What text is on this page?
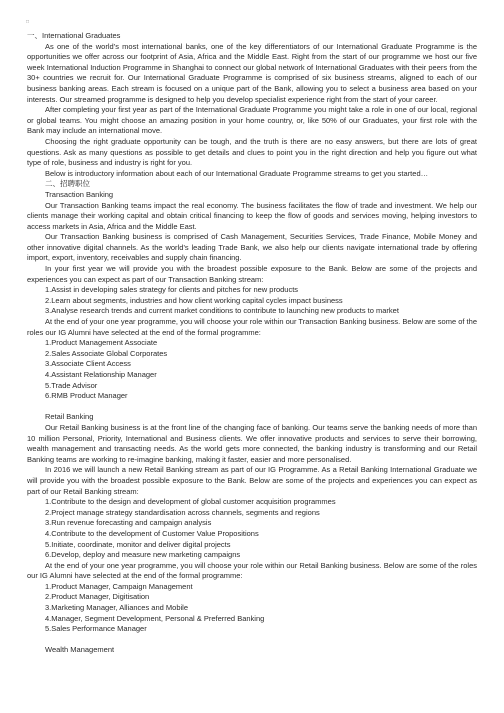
□
一、International Graduates

As one of the world’s most international banks, one of the key differentiators of our International Graduate Programme is the opportunities we offer across our footprint of Asia, Africa and the Middle East. Right from the start of our programme we host our five week International Induction Programme in Shanghai to connect our global network of International Graduates with their peers from the 30+ countries we recruit for. Our International Graduate Programme is comprised of six business streams, aligned to each of our business banking areas. Each stream is focused on a unique part of the Bank, allowing you to select a business area based on your interests. Our streamed programme is designed to help you develop specialist experience right from the start of your career.

After completing your first year as part of the International Graduate Programme you might take a role in one of our local, regional or global teams. You might choose an amazing position in your home country, or, like 50% of our Graduates, your first role with the Bank may include an international move.

Choosing the right graduate opportunity can be tough, and the truth is there are no easy answers, but there are lots of great questions. Ask as many questions as possible to get details and clues to point you in the right direction and help you figure out what type of role, business and industry is right for you.

Below is introductory information about each of our International Graduate Programme streams to get you started…

二、招聘职位
Transaction Banking

Our Transaction Banking teams impact the real economy. The business facilitates the flow of trade and investment. We help our clients manage their working capital and obtain critical financing to keep the flow of goods and services moving, helping investors to access markets in Asia, Africa and the Middle East.

Our Transaction Banking business is comprised of Cash Management, Securities Services, Trade Finance, Mobile Money and other innovative digital channels. As the world’s leading Trade Bank, we also help our clients navigate international trade by offering import, export, inventory, receivables and supply chain financing.

In your first year we will provide you with the broadest possible exposure to the Bank. Below are some of the projects and experiences you can expect as part of our Transaction Banking stream:

1.Assist in developing sales strategy for clients and pitches for new products
2.Learn about segments, industries and how client working capital cycles impact business
3.Analyse research trends and current market conditions to contribute to launching new products to market

At the end of your one year programme, you will choose your role within our Transaction Banking business. Below are some of the roles our IG Alumni have selected at the end of the formal programme:

1.Product Management Associate
2.Sales Associate Global Corporates
3.Associate Client Access
4.Assistant Relationship Manager
5.Trade Advisor
6.RMB Product Manager
Retail Banking

Our Retail Banking business is at the front line of the changing face of banking. Our teams serve the banking needs of more than 10 million Personal, Priority, International and Business clients. We offer innovative products and services to serve their borrowing, wealth management and transacting needs. As the world gets more connected, the banking industry is transforming and our Retail Banking teams are working to re-imagine banking, making it faster, easier and more personalised.

In 2016 we will launch a new Retail Banking stream as part of our IG Programme. As a Retail Banking International Graduate we will provide you with the broadest possible exposure to the Bank. Below are some of the projects and experiences you can expect as part of our Retail Banking stream:

1.Contribute to the design and development of global customer acquisition programmes
2.Project manage strategy standardisation across channels, segments and regions
3.Run revenue forecasting and campaign analysis
4.Contribute to the development of Customer Value Propositions
5.Initiate, coordinate, monitor and deliver digital projects
6.Develop, deploy and measure new marketing campaigns

At the end of your one year programme, you will choose your role within our Retail Banking business. Below are some of the roles our IG Alumni have selected at the end of the formal programme:

1.Product Manager, Campaign Management
2.Product Manager, Digitisation
3.Marketing Manager, Alliances and Mobile
4.Manager, Segment Development, Personal & Preferred Banking
5.Sales Performance Manager
Wealth Management
